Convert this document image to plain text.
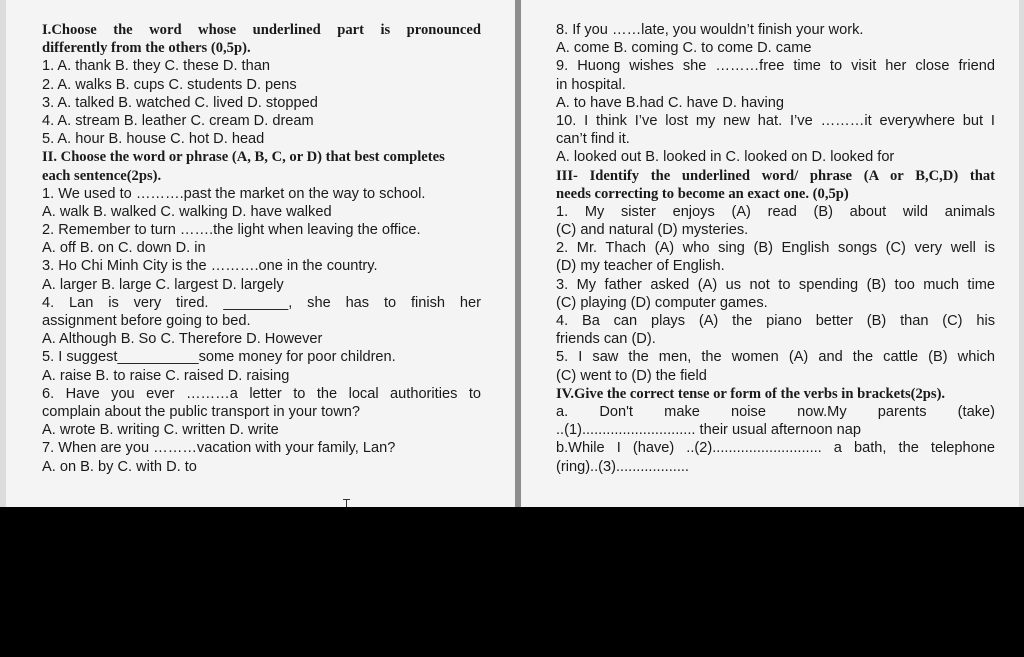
I.Choose the word whose underlined part is pronounced
differently from the others (0,5p).
1. A. thank B. they C. these D. than
2. A. walks B. cups C. students D. pens
3. A. talked B. watched C. lived D. stopped
4. A. stream B. leather C. cream D. dream
5. A. hour B. house C. hot D. head
II. Choose the word or phrase (A, B, C, or D) that best completes
each sentence(2ps).
1. We used to ……….past the market on the way to school.
A. walk B. walked C. walking D. have walked
2. Remember to turn …….the light when leaving the office.
A. off B. on C. down D. in
3. Ho Chi Minh City is the ……….one in the country.
A. larger B. large C. largest D. largely
4. Lan is very tired. ________, she has to finish her
assignment before going to bed.
A. Although B. So C. Therefore D. However
5. I suggest__________some money for poor children.
A. raise B. to raise C. raised D. raising
6. Have you ever ………a letter to the local authorities to
complain about the public transport in your town?
A. wrote B. writing C. written D. write
7. When are you ………vacation with your family, Lan?
A. on B. by C. with D. to
8. If you ……late, you wouldn’t finish your work.
A. come B. coming C. to come D. came
9. Huong wishes she ………free time to visit her close friend
in hospital.
A. to have B.had C. have D. having
10. I think I’ve lost my new hat. I’ve ………it everywhere but I
can’t find it.
A. looked out B. looked in C. looked on D. looked for
III- Identify the underlined word/ phrase (A or B,C,D) that
needs correcting to become an exact one. (0,5p)
1. My sister enjoys (A) read (B) about wild animals
(C) and natural (D) mysteries.
2. Mr. Thach (A) who sing (B) English songs (C) very well is
(D) my teacher of English.
3. My father asked (A) us not to spending (B) too much time
(C) playing (D) computer games.
4. Ba can plays (A) the piano better (B) than (C) his
friends can (D).
5. I saw the men, the women (A) and the cattle (B) which
(C) went to (D) the field
IV.Give the correct tense or form of the verbs in brackets(2ps).
a. Don't make noise now.My parents (take)
..(1)............................ their usual afternoon nap
b.While I (have) ..(2)........................... a bath, the telephone
(ring)..(3)..................
